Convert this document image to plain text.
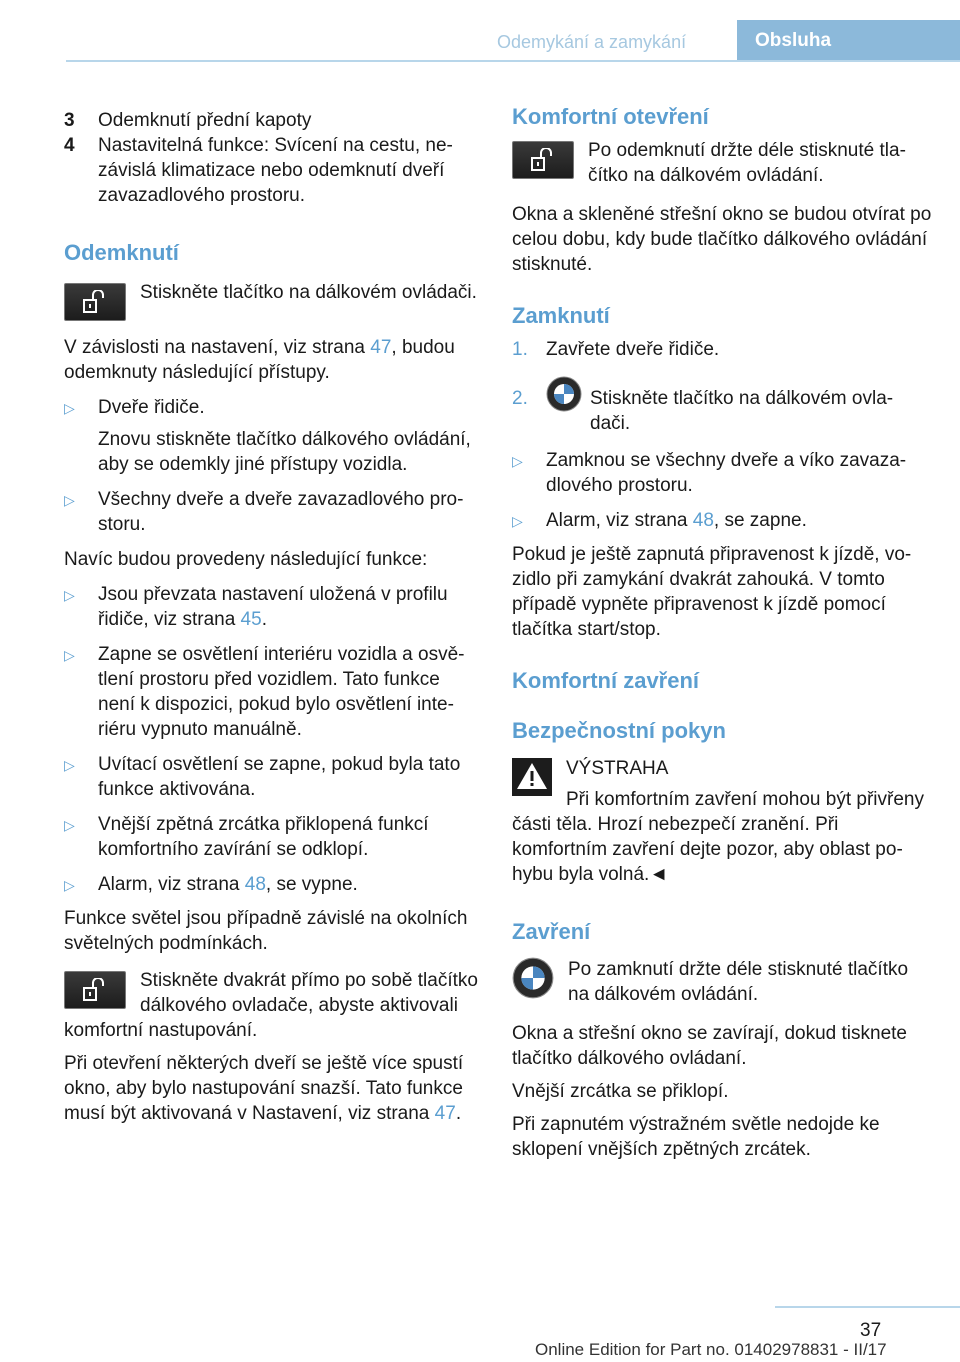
Odemykání a zamykání	Obsluha
3	Odemknutí přední kapoty
4	Nastavitelná funkce: Svícení na cestu, nezávislá klimatizace nebo odemknutí dveří zavazadlového prostoru.
Odemknutí

Stiskněte tlačítko na dálkovém ovládači.

V závislosti na nastavení, viz strana 47, budou odemknuty následující přístupy.

▷	Dveře řidiče.
Znovu stiskněte tlačítko dálkového ovládání, aby se odemkly jiné přístupy vozidla.
▷	Všechny dveře a dveře zavazadlového prostoru.

Navíc budou provedeny následující funkce:

▷	Jsou převzata nastavení uložená v profilu řidiče, viz strana 45.
▷	Zapne se osvětlení interiéru vozidla a osvětlení prostoru před vozidlem. Tato funkce není k dispozici, pokud bylo osvětlení interiéru vypnuto manuálně.
▷	Uvítací osvětlení se zapne, pokud byla tato funkce aktivována.
▷	Vnější zpětná zrcátka přiklopená funkcí komfortního zavírání se odklopí.
▷	Alarm, viz strana 48, se vypne.

Funkce světel jsou případně závislé na okolních světelných podmínkách.

Stiskněte dvakrát přímo po sobě tlačítko dálkového ovladače, abyste aktivovali komfortní nastupování.

Při otevření některých dveří se ještě více spustí okno, aby bylo nastupování snazší. Tato funkce musí být aktivovaná v Nastavení, viz strana 47.

Komfortní otevření

Po odemknutí držte déle stisknuté tlačítko na dálkovém ovládání.

Okna a skleněné střešní okno se budou otvírat po celou dobu, kdy bude tlačítko dálkového ovládání stisknuté.

Zamknutí
1. Zavřete dveře řidiče.
2.	Stiskněte tlačítko na dálkovém ovladači.
▷	Zamknou se všechny dveře a víko zavazadlového prostoru.
▷	Alarm, viz strana 48, se zapne.

Pokud je ještě zapnutá připravenost k jízdě, vozidlo při zamykání dvakrát zahouká. V tomto případě vypněte připravenost k jízdě pomocí tlačítka start/stop.

Komfortní zavření
Bezpečnostní pokyn

VÝSTRAHA

Při komfortním zavření mohou být přivřeny části těla. Hrozí nebezpečí zranění. Při komfortním zavření dejte pozor, aby oblast pohybu byla volná.◄

Zavření

Po zamknutí držte déle stisknuté tlačítko na dálkovém ovládání.

Okna a střešní okno se zavírají, dokud tisknete tlačítko dálkového ovládaní.

Vnější zrcátka se přiklopí.

Při zapnutém výstražném světle nedojde ke sklopení vnějších zpětných zrcátek.

37
Online Edition for Part no. 01402978831 - II/17
